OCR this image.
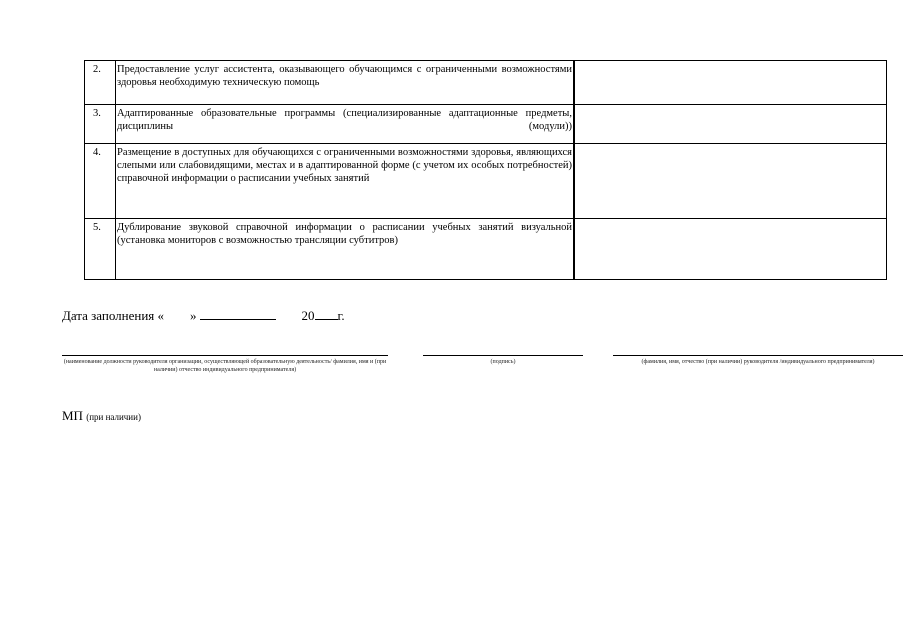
2.	Предоставление услуг ассистента, оказывающего обучающимся с ограниченными возможностями здоровья необходимую техническую помощь	
3.	Адаптированные образовательные программы (специализированные адаптационные предметы, дисциплины (модули))	
4.	Размещение в доступных для обучающихся с ограниченными возможностями здоровья, являющихся слепыми или слабовидящими, местах и в адаптированной форме (с учетом их особых потребностей) справочной информации о расписании учебных занятий	
5.	Дублирование звуковой справочной информации о расписании учебных занятий визуальной (установка мониторов с возможностью трансляции субтитров)	
Дата заполнения « »	20 г.
(наименование должности руководителя организации, осуществляющей образовательную деятельность/ фамилия, имя и (при наличии) отчество индивидуального предпринимателя)
(подпись)	(фамилия, имя, отчество (при наличии) руководителя /индивидуального предпринимателя)
МП (при наличии)
